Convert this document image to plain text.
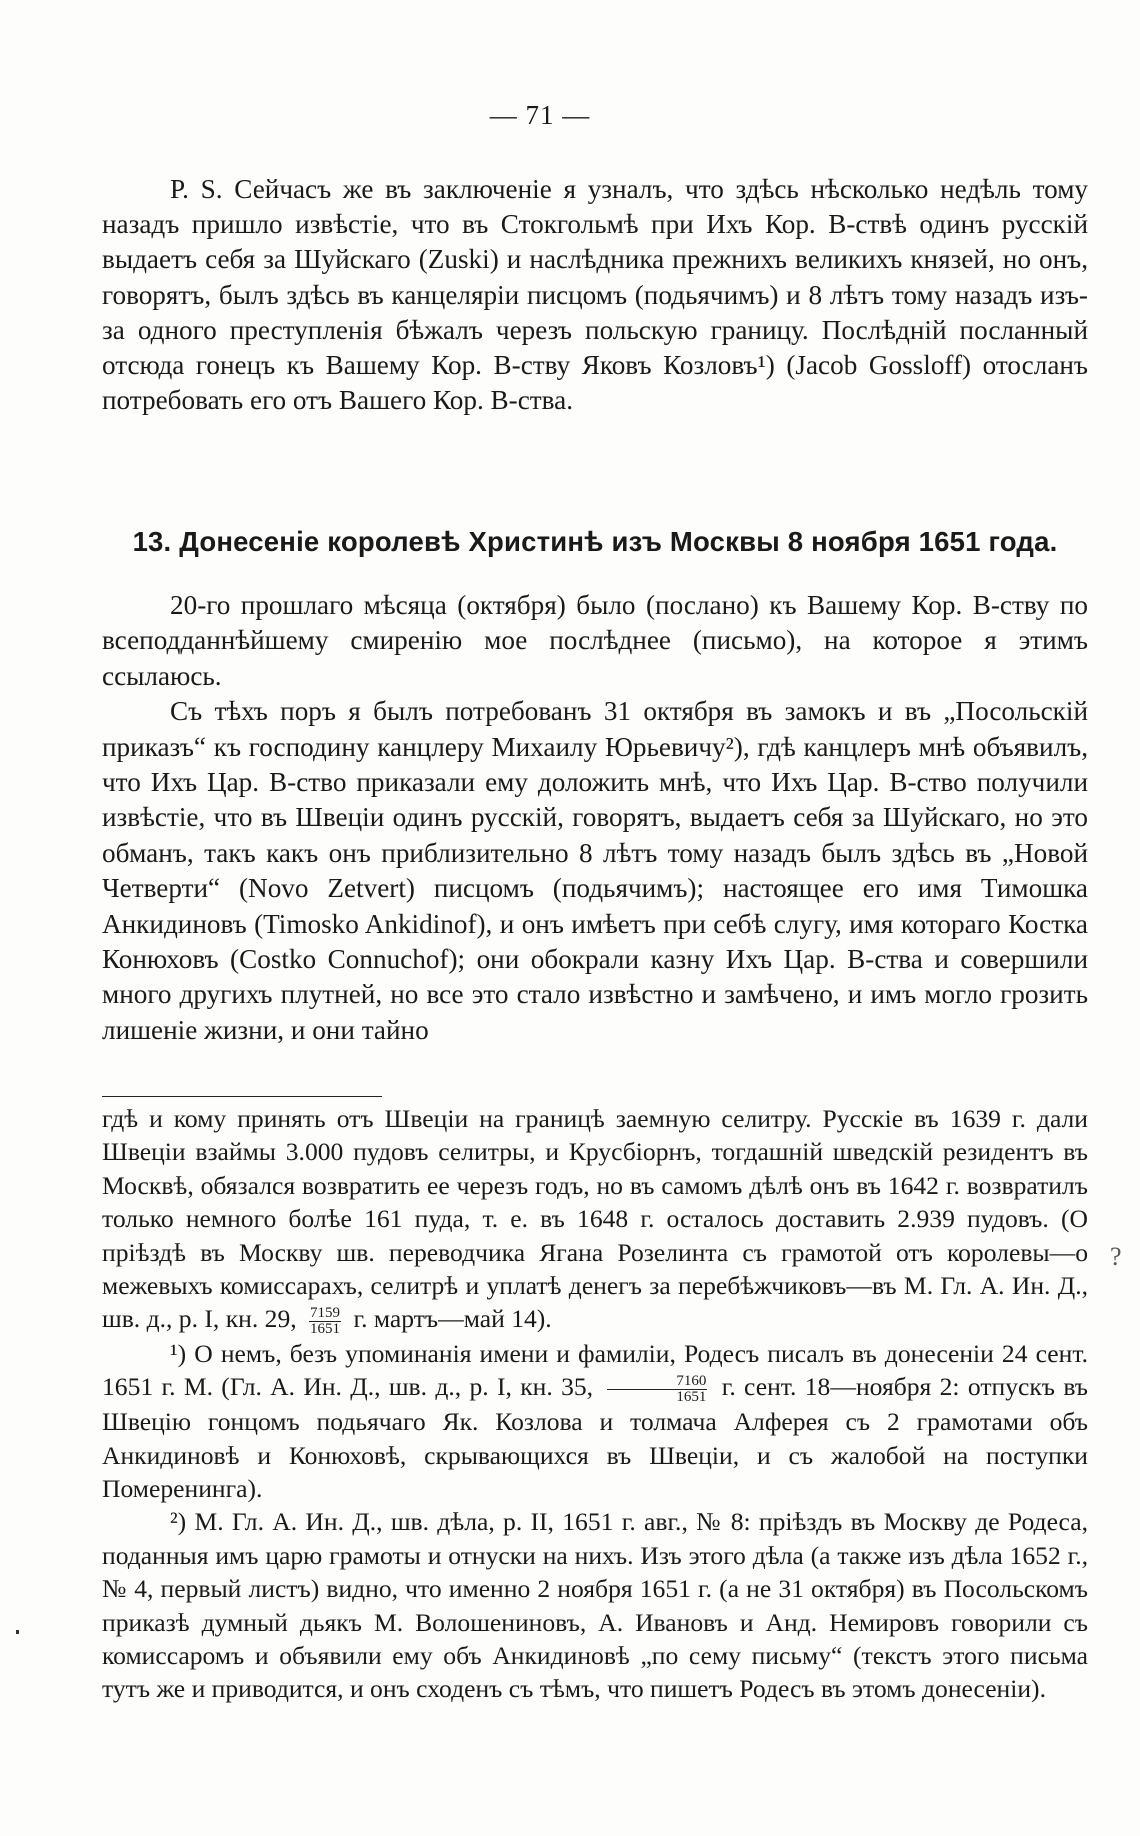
— 71 —

P. S. Сейчасъ же въ заключеніе я узналъ, что здѣсь нѣсколько недѣль тому назадъ пришло извѣстіе, что въ Стокгольмѣ при Ихъ Кор. В-ствѣ одинъ русскій выдаетъ себя за Шуйскаго (Zuski) и наслѣдника прежнихъ великихъ князей, но онъ, говорятъ, былъ здѣсь въ канцеляріи писцомъ (подьячимъ) и 8 лѣтъ тому назадъ изъ-за одного преступленія бѣжалъ черезъ польскую границу. Послѣдній посланный отсюда гонецъ къ Вашему Кор. В-ству Яковъ Козловъ¹) (Jacob Gossloff) отосланъ потребовать его отъ Вашего Кор. В-ства.

13. Донесеніе королевѣ Христинѣ изъ Москвы 8 ноября 1651 года.

20-го прошлаго мѣсяца (октября) было (послано) къ Вашему Кор. В-ству по всеподданнѣйшему смиренію мое послѣднее (письмо), на которое я этимъ ссылаюсь.

Съ тѣхъ поръ я былъ потребованъ 31 октября въ замокъ и въ „Посольскій приказъ“ къ господину канцлеру Михаилу Юрьевичу²), гдѣ канцлеръ мнѣ объявилъ, что Ихъ Цар. В-ство приказали ему доложить мнѣ, что Ихъ Цар. В-ство получили извѣстіе, что въ Швеціи одинъ русскій, говорятъ, выдаетъ себя за Шуйскаго, но это обманъ, такъ какъ онъ приблизительно 8 лѣтъ тому назадъ былъ здѣсь въ „Новой Четверти“ (Novo Zetvert) писцомъ (подьячимъ); настоящее его имя Тимошка Анкидиновъ (Timosko Ankidinof), и онъ имѣетъ при себѣ слугу, имя котораго Костка Конюховъ (Costko Connuchof); они обокрали казну Ихъ Цар. В-ства и совершили много другихъ плутней, но все это стало извѣстно и замѣчено, и имъ могло грозить лишеніе жизни, и они тайно

гдѣ и кому принять отъ Швеціи на границѣ заемную селитру. Русскіе въ 1639 г. дали Швеціи взаймы 3.000 пудовъ селитры, и Крусбіорнъ, тогдашній шведскій резидентъ въ Москвѣ, обязался возвратить ее черезъ годъ, но въ самомъ дѣлѣ онъ въ 1642 г. возвратилъ только немного болѣе 161 пуда, т. е. въ 1648 г. осталось доставить 2.939 пудовъ. (О пріѣздѣ въ Москву шв. переводчика Ягана Розелинта съ грамотой отъ королевы—о межевыхъ комиссарахъ, селитрѣ и уплатѣ денегъ за перебѣжчиковъ—въ М. Гл. А. Ин. Д., шв. д., р. I, кн. 29, $\frac{7159}{1651} г$. мартъ—май 14).

¹) О немъ, безъ упоминанія имени и фамиліи, Родесъ писалъ въ донесеніи 24 сент. 1651 г. М. (Гл. А. Ин. Д., шв. д., р. I, кн. 35, $\frac{7160}{1651} г$. сент. 18—ноября 2: отпускъ въ Швецію гонцомъ подьячаго Як. Козлова и толмача Алферея съ 2 грамотами объ Анкидиновѣ и Конюховѣ, скрывающихся въ Швеціи, и съ жалобой на поступки Померенинга).

²) М. Гл. А. Ин. Д., шв. дѣла, р. II, 1651 г. авг., № 8: пріѣздъ въ Москву де Родеса, поданныя имъ царю грамоты и отнуски на нихъ. Изъ этого дѣла (а также изъ дѣла 1652 г., № 4, первый листъ) видно, что именно 2 ноября 1651 г. (а не 31 октября) въ Посольскомъ приказѣ думный дьякъ М. Волошениновъ, А. Ивановъ и Анд. Немировъ говорили съ комиссаромъ и объявили ему объ Анкидиновѣ „по сему письму“ (текстъ этого письма тутъ же и приводится, и онъ сходенъ съ тѣмъ, что пишетъ Родесъ въ этомъ донесеніи).

?
